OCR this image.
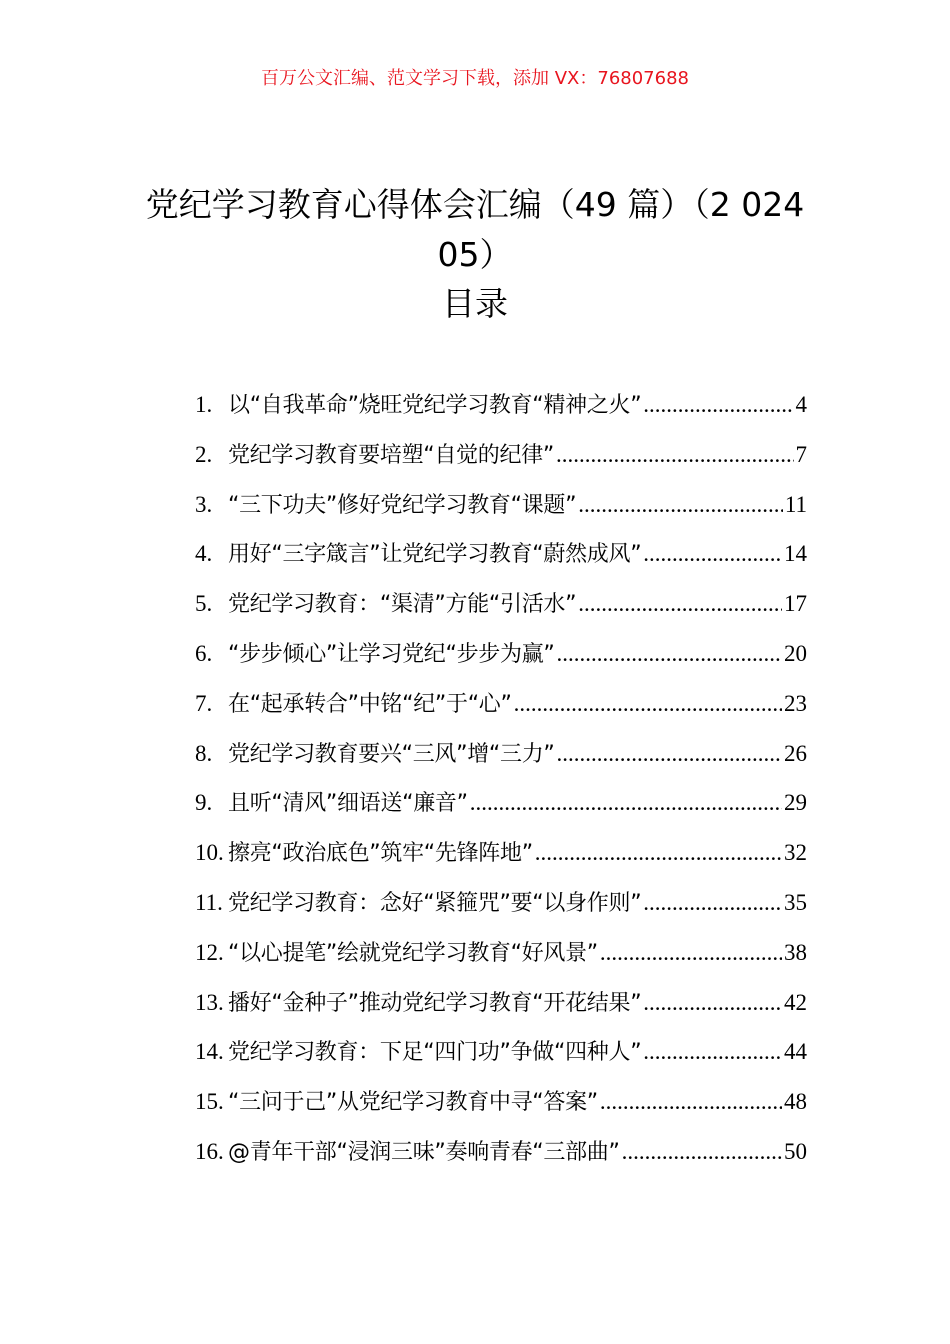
百万公文汇编、范文学习下载，添加 VX：76807688
党纪学习教育心得体会汇编（49 篇）（2 02405）
目录
1. 以“自我革命”烧旺党纪学习教育“精神之火” .....	4
2. 党纪学习教育要培塑“自觉的纪律” .....	7
3. “三下功夫”修好党纪学习教育“课题” .....	11
4. 用好“三字箴言”让党纪学习教育“蔚然成风” .....	14
5. 党纪学习教育：“渠清”方能“引活水” .....	17
6. “步步倾心”让学习党纪“步步为赢” .....	20
7. 在“起承转合”中铭“纪”于“心” .....	23
8. 党纪学习教育要兴“三风”增“三力” .....	26
9. 且听“清风”细语送“廉音” .....	29
10. 擦亮“政治底色”筑牢“先锋阵地” .....	32
11. 党纪学习教育：念好“紧箍咒”要“以身作则” .....	35
12. “以心提笔”绘就党纪学习教育“好风景” .....	38
13. 播好“金种子”推动党纪学习教育“开花结果” .....	42
14. 党纪学习教育：下足“四门功”争做“四种人” .....	44
15. “三问于己”从党纪学习教育中寻“答案” .....	48
16. @青年干部“浸润三味”奏响青春“三部曲” .....	50
